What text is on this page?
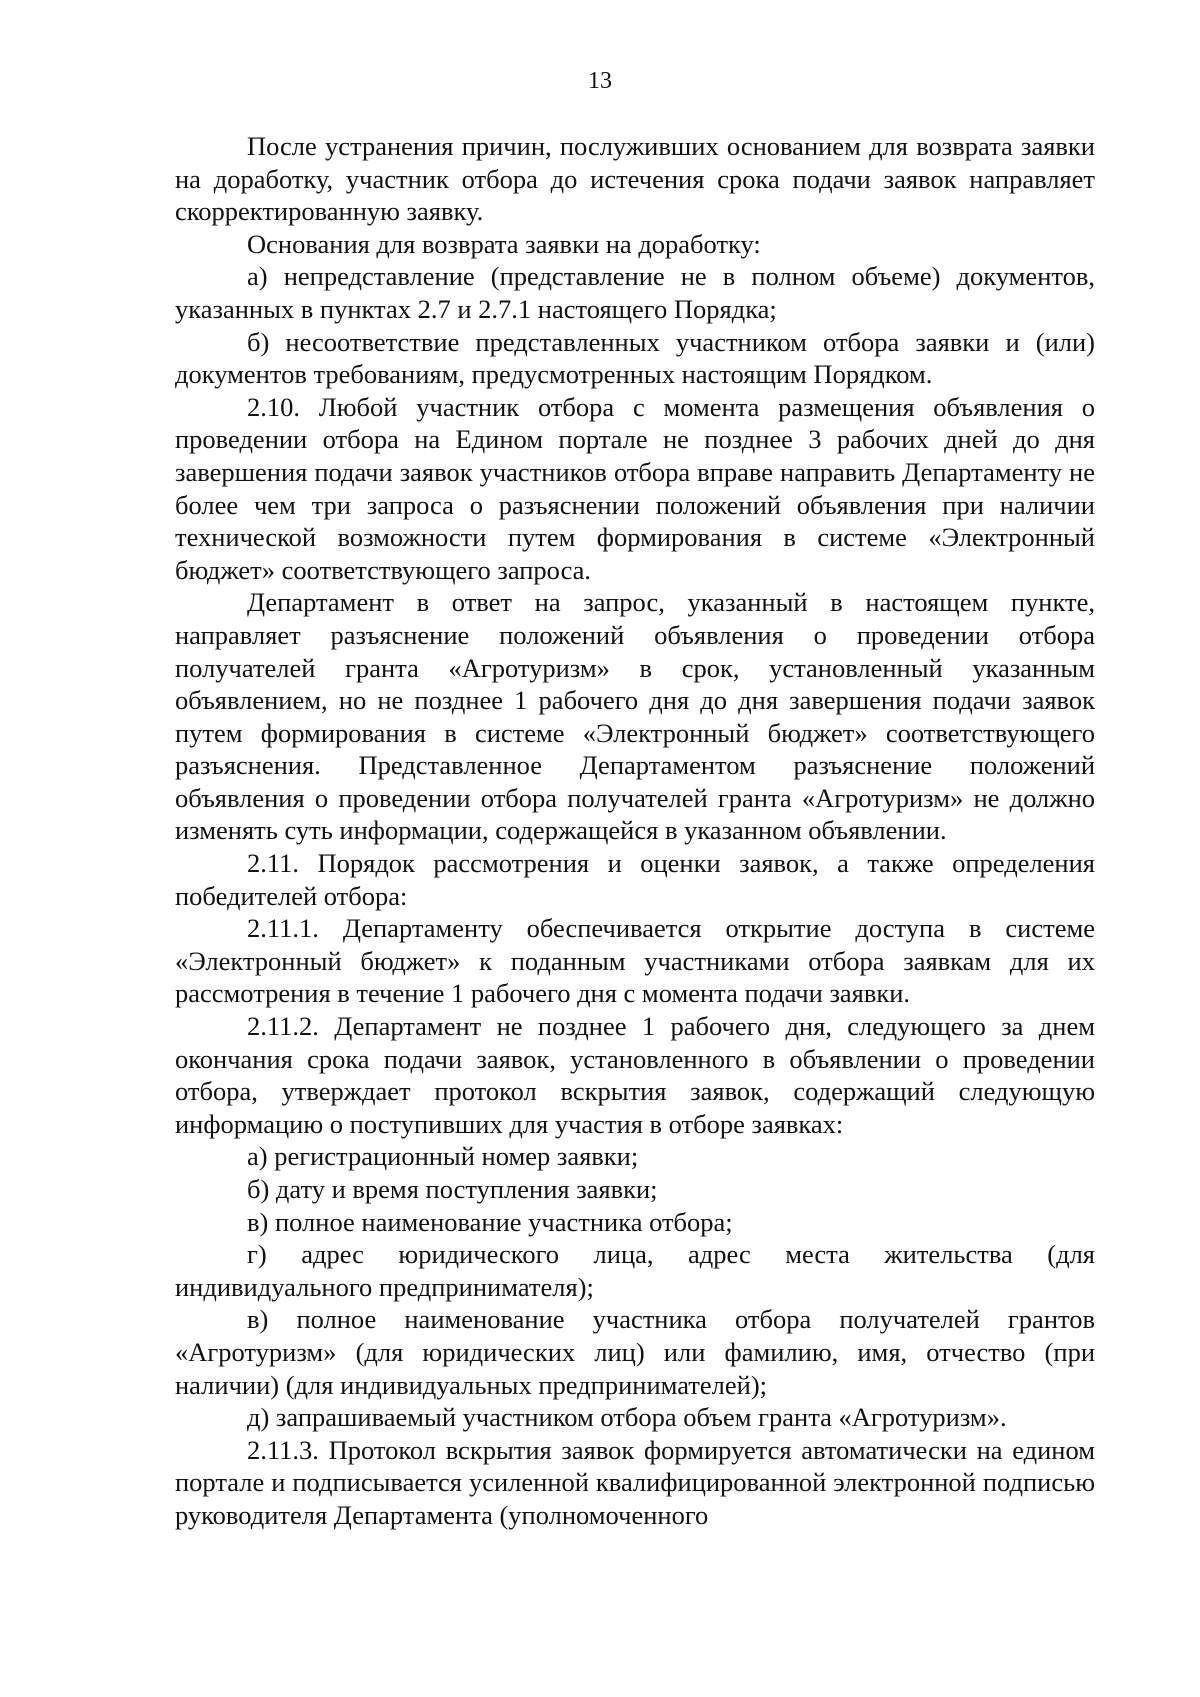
13

После устранения причин, послуживших основанием для возврата заявки на доработку, участник отбора до истечения срока подачи заявок направляет скорректированную заявку.

Основания для возврата заявки на доработку:

а) непредставление (представление не в полном объеме) документов, указанных в пунктах 2.7 и 2.7.1 настоящего Порядка;

б) несоответствие представленных участником отбора заявки и (или) документов требованиям, предусмотренных настоящим Порядком.

2.10. Любой участник отбора с момента размещения объявления о проведении отбора на Едином портале не позднее 3 рабочих дней до дня завершения подачи заявок участников отбора вправе направить Департаменту не более чем три запроса о разъяснении положений объявления при наличии технической возможности путем формирования в системе «Электронный бюджет» соответствующего запроса.

Департамент в ответ на запрос, указанный в настоящем пункте, направляет разъяснение положений объявления о проведении отбора получателей гранта «Агротуризм» в срок, установленный указанным объявлением, но не позднее 1 рабочего дня до дня завершения подачи заявок путем формирования в системе «Электронный бюджет» соответствующего разъяснения. Представленное Департаментом разъяснение положений объявления о проведении отбора получателей гранта «Агротуризм» не должно изменять суть информации, содержащейся в указанном объявлении.

2.11. Порядок рассмотрения и оценки заявок, а также определения победителей отбора:

2.11.1. Департаменту обеспечивается открытие доступа в системе «Электронный бюджет» к поданным участниками отбора заявкам для их рассмотрения в течение 1 рабочего дня с момента подачи заявки.

2.11.2. Департамент не позднее 1 рабочего дня, следующего за днем окончания срока подачи заявок, установленного в объявлении о проведении отбора, утверждает протокол вскрытия заявок, содержащий следующую информацию о поступивших для участия в отборе заявках:

а) регистрационный номер заявки;

б) дату и время поступления заявки;

в) полное наименование участника отбора;

г) адрес юридического лица, адрес места жительства (для индивидуального предпринимателя);

в) полное наименование участника отбора получателей грантов «Агротуризм» (для юридических лиц) или фамилию, имя, отчество (при наличии) (для индивидуальных предпринимателей);

д) запрашиваемый участником отбора объем гранта «Агротуризм».

2.11.3. Протокол вскрытия заявок формируется автоматически на едином портале и подписывается усиленной квалифицированной электронной подписью руководителя Департамента (уполномоченного
